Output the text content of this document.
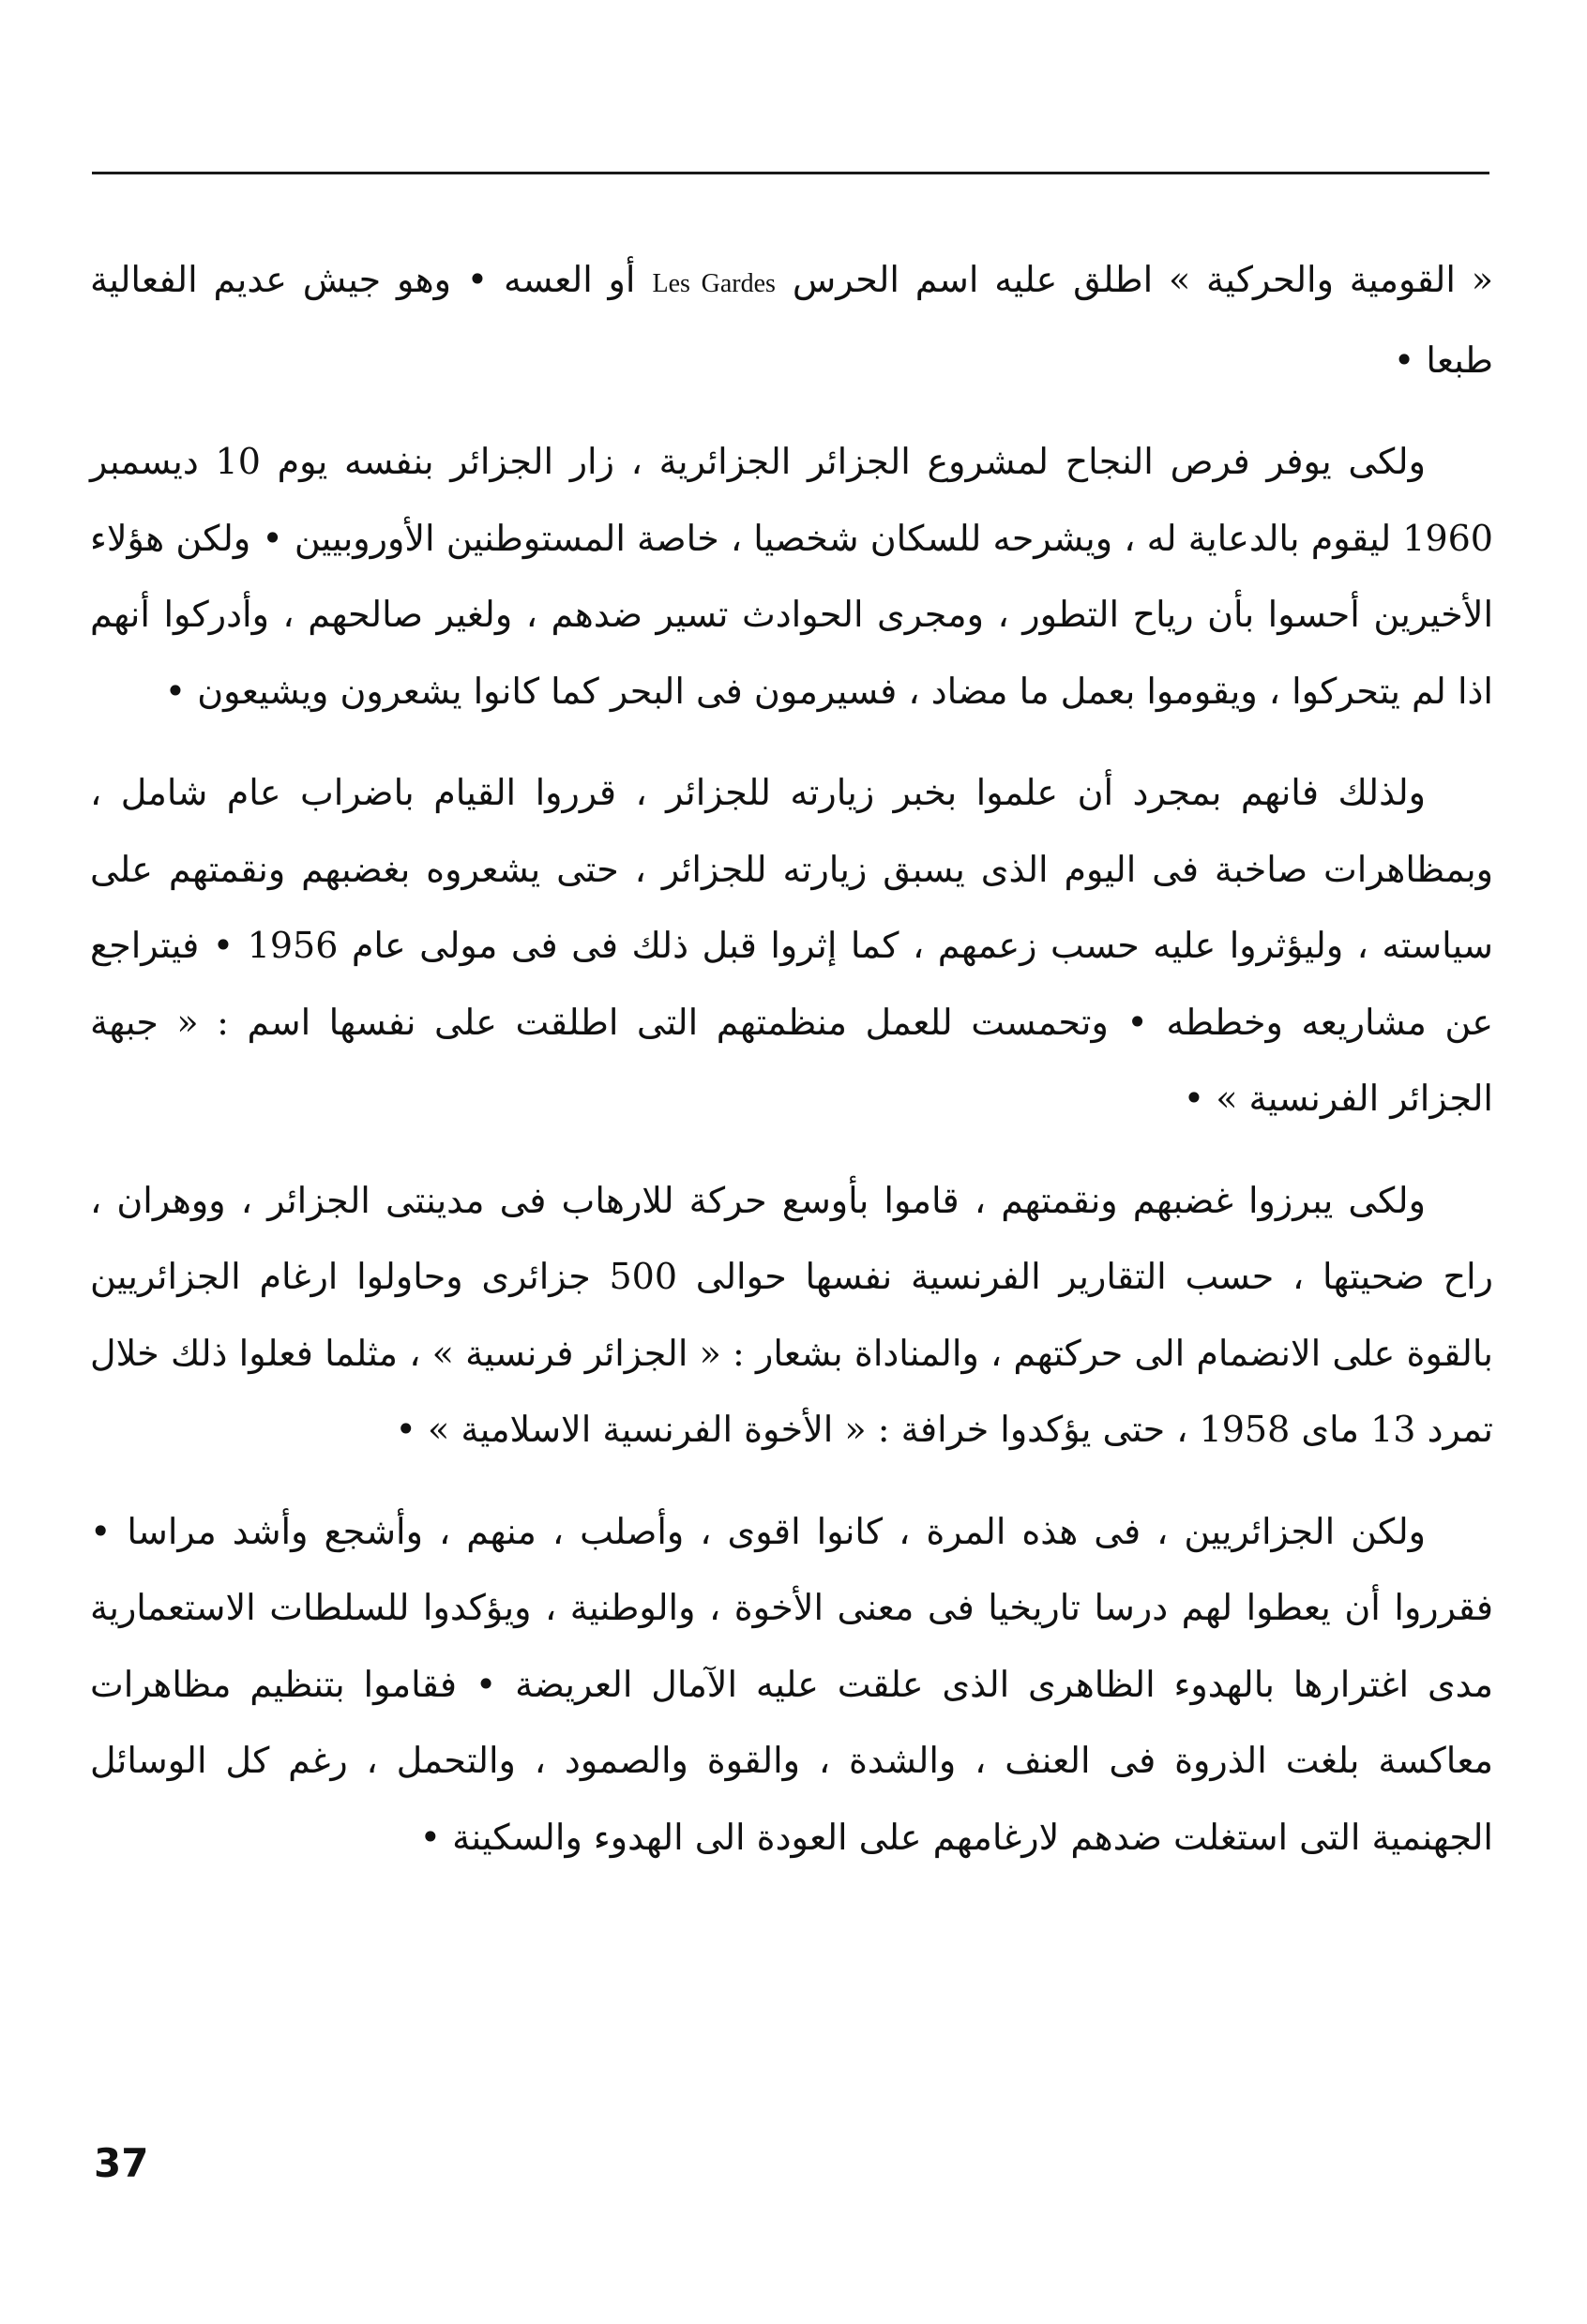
« القومية والحركية » اطلق عليه اسم الحرسLes Gardesأو العسه • وهو جيش عديم الفعالية طبعا •

ولكى يوفر فرص النجاح لمشروع الجزائر الجزائرية ، زار الجزائر بنفسه يوم 10 ديسمبر 1960 ليقوم بالدعاية له ، ويشرحه للسكان شخصيا ، خاصة المستوطنين الأوروبيين • ولكن هؤلاء الأخيرين أحسوا بأن رياح التطور ، ومجرى الحوادث تسير ضدهم ، ولغير صالحهم ، وأدركوا أنهم اذا لم يتحركوا ، ويقوموا بعمل ما مضاد ، فسيرمون فى البحر كما كانوا يشعرون ويشيعون •

ولذلك فانهم بمجرد أن علموا بخبر زيارته للجزائر ، قرروا القيام باضراب عام شامل ، وبمظاهرات صاخبة فى اليوم الذى يسبق زيارته للجزائر ، حتى يشعروه بغضبهم ونقمتهم على سياسته ، وليؤثروا عليه حسب زعمهم ، كما إثروا قبل ذلك فى فى مولى عام 1956 • فيتراجع عن مشاريعه وخططه • وتحمست للعمل منظمتهم التى اطلقت على نفسها اسم : « جبهة الجزائر الفرنسية » •

ولكى يبرزوا غضبهم ونقمتهم ، قاموا بأوسع حركة للارهاب فى مدينتى الجزائر ، ووهران ، راح ضحيتها ، حسب التقارير الفرنسية نفسها حوالى 500 جزائرى وحاولوا ارغام الجزائريين بالقوة على الانضمام الى حركتهم ، والمناداة بشعار : « الجزائر فرنسية » ، مثلما فعلوا ذلك خلال تمرد 13 ماى 1958 ، حتى يؤكدوا خرافة : « الأخوة الفرنسية الاسلامية » •

ولكن الجزائريين ، فى هذه المرة ، كانوا اقوى ، وأصلب ، منهم ، وأشجع وأشد مراسا • فقرروا أن يعطوا لهم درسا تاريخيا فى معنى الأخوة ، والوطنية ، ويؤكدوا للسلطات الاستعمارية مدى اغترارها بالهدوء الظاهرى الذى علقت عليه الآمال العريضة • فقاموا بتنظيم مظاهرات معاكسة بلغت الذروة فى العنف ، والشدة ، والقوة والصمود ، والتحمل ، رغم كل الوسائل الجهنمية التى استغلت ضدهم لارغامهم على العودة الى الهدوء والسكينة •

37
